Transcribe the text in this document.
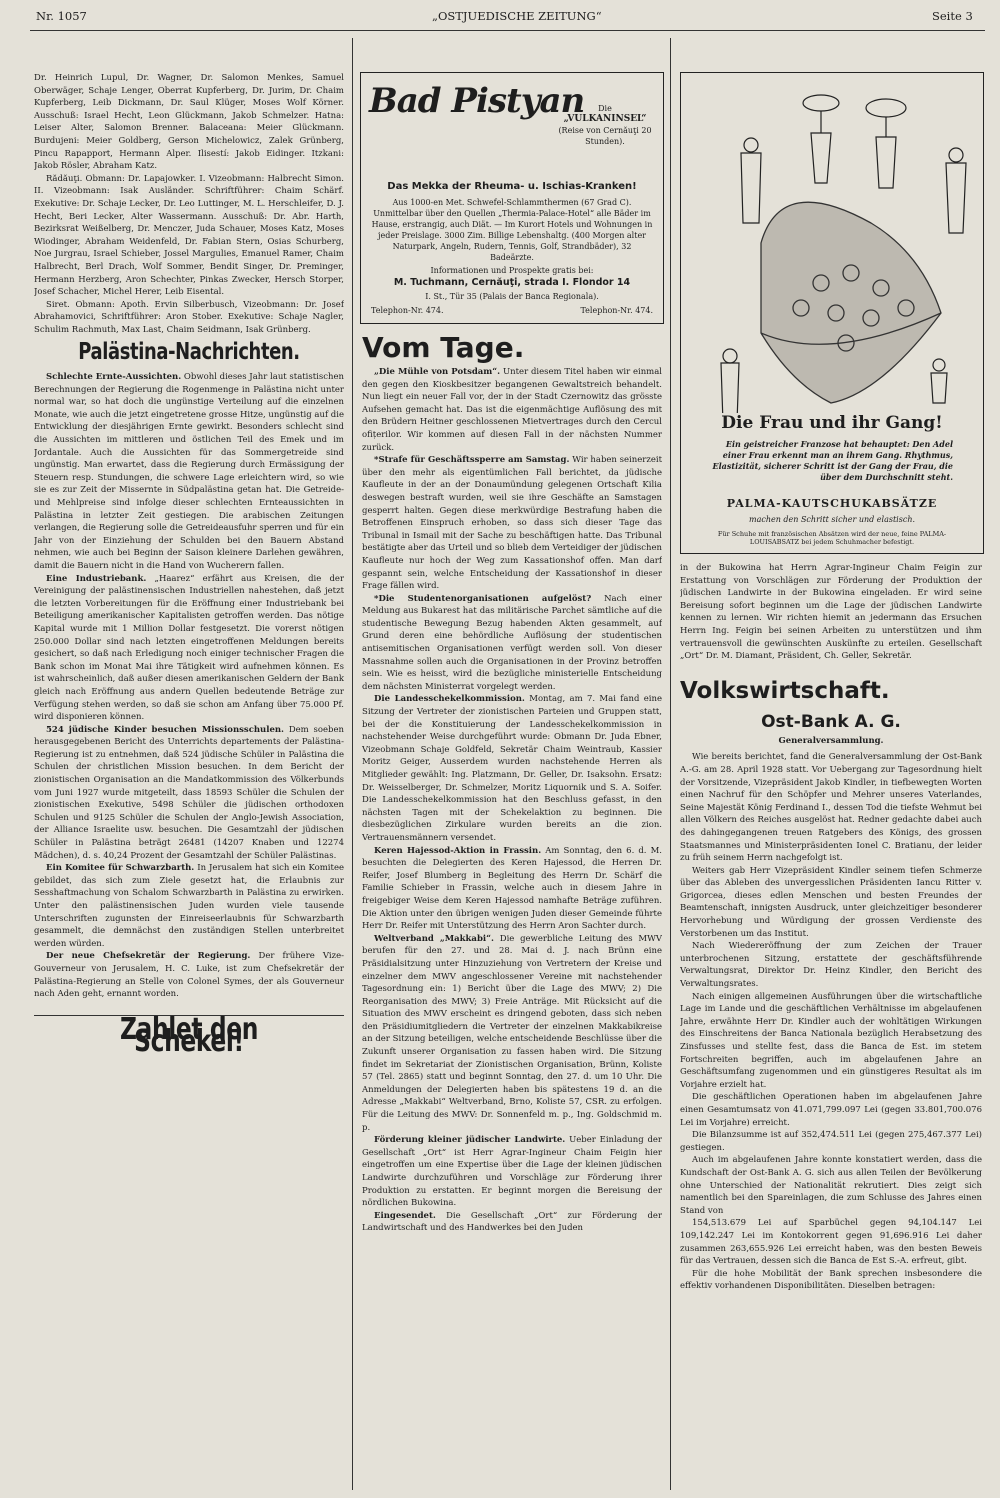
Nr. 1057	„OSTJUEDISCHE ZEITUNG“	Seite 3

Dr. Heinrich Lupul, Dr. Wagner, Dr. Salomon Menkes, Samuel Oberwäger, Schaje Lenger, Oberrat Kupferberg, Dr. Jurim, Dr. Chaim Kupferberg, Leib Dickmann, Dr. Saul Klüger, Moses Wolf Körner. Ausschuß: Israel Hecht, Leon Glückmann, Jakob Schmelzer. Hatna: Leiser Alter, Salomon Brenner. Balaceana: Meier Glückmann. Burdujeni: Meier Goldberg, Gerson Michelowicz, Zalek Grünberg, Pincu Rapapport, Hermann Alper. Ilisestí: Jakob Eidinger. Itzkani: Jakob Rösler, Abraham Katz.

Rădăuţi. Obmann: Dr. Lapajowker. I. Vizeobmann: Halbrecht Simon. II. Vizeobmann: Isak Ausländer. Schriftführer: Chaim Schärf. Exekutive: Dr. Schaje Lecker, Dr. Leo Luttinger, M. L. Herschleifer, D. J. Hecht, Beri Lecker, Alter Wassermann. Ausschuß: Dr. Abr. Harth, Bezirksrat Weißelberg, Dr. Menczer, Juda Schauer, Moses Katz, Moses Wiodinger, Abraham Weidenfeld, Dr. Fabian Stern, Osias Schurberg, Noe Jurgrau, Israel Schieber, Jossel Margulies, Emanuel Ramer, Chaim Halbrecht, Berl Drach, Wolf Sommer, Bendit Singer, Dr. Preminger, Hermann Herzberg, Aron Schechter, Pinkas Zwecker, Hersch Storper, Josef Schacher, Michel Herer, Leib Eisental.

Siret. Obmann: Apoth. Ervin Silberbusch, Vizeobmann: Dr. Josef Abrahamovici, Schriftführer: Aron Stober. Exekutive: Schaje Nagler, Schulim Rachmuth, Max Last, Chaim Seidmann, Isak Grünberg.

Palästina-Nachrichten.

Schlechte Ernte-Aussichten. Obwohl dieses Jahr laut statistischen Berechnungen der Regierung die Rogenmenge in Palästina nicht unter normal war, so hat doch die ungünstige Verteilung auf die einzelnen Monate, wie auch die jetzt eingetretene grosse Hitze, ungünstig auf die Entwicklung der diesjährigen Ernte gewirkt. Besonders schlecht sind die Aussichten im mittleren und östlichen Teil des Emek und im Jordantale. Auch die Aussichten für das Sommergetreide sind ungünstig. Man erwartet, dass die Regierung durch Ermässigung der Steuern resp. Stundungen, die schwere Lage erleichtern wird, so wie sie es zur Zeit der Missernte in Südpalästina getan hat. Die Getreide- und Mehlpreise sind infolge dieser schlechten Ernteaussichten in Palästina in letzter Zeit gestiegen. Die arabischen Zeitungen verlangen, die Regierung solle die Getreideausfuhr sperren und für ein Jahr von der Einziehung der Schulden bei den Bauern Abstand nehmen, wie auch bei Beginn der Saison kleinere Darlehen gewähren, damit die Bauern nicht in die Hand von Wucherern fallen.

Eine Industriebank. „Haarez“ erfährt aus Kreisen, die der Vereinigung der palästinensischen Industriellen nahestehen, daß jetzt die letzten Vorbereitungen für die Eröffnung einer Industriebank bei Beteiligung amerikanischer Kapitalisten getroffen werden. Das nötige Kapital wurde mit 1 Million Dollar festgesetzt. Die vorerst nötigen 250.000 Dollar sind nach letzten eingetroffenen Meldungen bereits gesichert, so daß nach Erledigung noch einiger technischer Fragen die Bank schon im Monat Mai ihre Tätigkeit wird aufnehmen können. Es ist wahrscheinlich, daß außer diesen amerikanischen Geldern der Bank gleich nach Eröffnung aus andern Quellen bedeutende Beträge zur Verfügung stehen werden, so daß sie schon am Anfang über 75.000 Pf. wird disponieren können.

524 jüdische Kinder besuchen Missionsschulen. Dem soeben herausgegebenen Bericht des Unterrichts departements der Palästina-Regierung ist zu entnehmen, daß 524 jüdische Schüler in Palästina die Schulen der christlichen Mission besuchen. In dem Bericht der zionistischen Organisation an die Mandatkommission des Völkerbunds vom Juni 1927 wurde mitgeteilt, dass 18593 Schüler die Schulen der zionistischen Exekutive, 5498 Schüler die jüdischen orthodoxen Schulen und 9125 Schüler die Schulen der Anglo-Jewish Association, der Alliance Israelite usw. besuchen. Die Gesamtzahl der jüdischen Schüler in Palästina beträgt 26481 (14207 Knaben und 12274 Mädchen), d. s. 40,24 Prozent der Gesamtzahl der Schüler Palästinas.

Ein Komitee für Schwarzbarth. In Jerusalem hat sich ein Komitee gebildet, das sich zum Ziele gesetzt hat, die Erlaubnis zur Sesshaftmachung von Schalom Schwarzbarth in Palästina zu erwirken. Unter den palästinensischen Juden wurden viele tausende Unterschriften zugunsten der Einreiseerlaubnis für Schwarzbarth gesammelt, die demnächst den zuständigen Stellen unterbreitet werden würden.

Der neue Chefsekretär der Regierung. Der frühere Vize-Gouverneur von Jerusalem, H. C. Luke, ist zum Chefsekretär der Palästina-Regierung an Stelle von Colonel Symes, der als Gouverneur nach Aden geht, ernannt worden.

Zahlet den Schekel!
Bad Pistyan	Die
„VULKANINSEL“
(Reise von Cernăuţi 20 Stunden).
Das Mekka der Rheuma- u. Ischias-Kranken!
Aus 1000-en Met. Schwefel-Schlammthermen (67 Grad C). Unmittelbar über den Quellen „Thermia-Palace-Hotel“ alle Bäder im Hause, erstrangig, auch Diät. — Im Kurort Hotels und Wohnungen in jeder Preislage. 3000 Zim. Billige Lebenshaltg. (400 Morgen alter Naturpark, Angeln, Rudern, Tennis, Golf, Strandbäder), 32 Badeärzte.
Informationen und Prospekte gratis bei:
M. Tuchmann, Cernăuţi, strada I. Flondor 14
I. St., Tür 35 (Palais der Banca Regionala).
Telephon-Nr. 474.	Telephon-Nr. 474.
Vom Tage.

„Die Mühle von Potsdam“. Unter diesem Titel haben wir einmal den gegen den Kioskbesitzer begangenen Gewaltstreich behandelt. Nun liegt ein neuer Fall vor, der in der Stadt Czernowitz das grösste Aufsehen gemacht hat. Das ist die eigenmächtige Auflösung des mit den Brüdern Heitner geschlossenen Mietvertrages durch den Cercul ofițerilor. Wir kommen auf diesen Fall in der nächsten Nummer zurück.

*Strafe für Geschäftssperre am Samstag. Wir haben seinerzeit über den mehr als eigentümlichen Fall berichtet, da jüdische Kaufleute in der an der Donaumündung gelegenen Ortschaft Kilia deswegen bestraft wurden, weil sie ihre Geschäfte an Samstagen gesperrt halten. Gegen diese merkwürdige Bestrafung haben die Betroffenen Einspruch erhoben, so dass sich dieser Tage das Tribunal in Ismail mit der Sache zu beschäftigen hatte. Das Tribunal bestätigte aber das Urteil und so blieb dem Verteidiger der jüdischen Kaufleute nur hoch der Weg zum Kassationshof offen. Man darf gespannt sein, welche Entscheidung der Kassationshof in dieser Frage fällen wird.

*Die Studentenorganisationen aufgelöst? Nach einer Meldung aus Bukarest hat das militärische Parchet sämtliche auf die studentische Bewegung Bezug habenden Akten gesammelt, auf Grund deren eine behördliche Auflösung der studentischen antisemitischen Organisationen verfügt werden soll. Von dieser Massnahme sollen auch die Organisationen in der Provinz betroffen sein. Wie es heisst, wird die bezügliche ministerielle Entscheidung dem nächsten Ministerrat vorgelegt werden.

Die Landesschekelkommission. Montag, am 7. Mai fand eine Sitzung der Vertreter der zionistischen Parteien und Gruppen statt, bei der die Konstituierung der Landesschekelkommission in nachstehender Weise durchgeführt wurde: Obmann Dr. Juda Ebner, Vizeobmann Schaje Goldfeld, Sekretär Chaim Weintraub, Kassier Moritz Geiger, Ausserdem wurden nachstehende Herren als Mitglieder gewählt: Ing. Platzmann, Dr. Geller, Dr. Isaksohn. Ersatz: Dr. Weisselberger, Dr. Schmelzer, Moritz Liquornik und S. A. Soifer. Die Landesschekelkommission hat den Beschluss gefasst, in den nächsten Tagen mit der Schekelaktion zu beginnen. Die diesbezüglichen Zirkulare wurden bereits an die zion. Vertrauensmännern versendet.

Keren Hajessod-Aktion in Frassin. Am Sonntag, den 6. d. M. besuchten die Delegierten des Keren Hajessod, die Herren Dr. Reifer, Josef Blumberg in Begleitung des Herrn Dr. Schärf die Familie Schieber in Frassin, welche auch in diesem Jahre in freigebiger Weise dem Keren Hajessod namhafte Beträge zuführen. Die Aktion unter den übrigen wenigen Juden dieser Gemeinde führte Herr Dr. Reifer mit Unterstützung des Herrn Aron Sachter durch.

Weltverband „Makkabi“. Die gewerbliche Leitung des MWV berufen für den 27. und 28. Mai d. J. nach Brünn eine Präsidialsitzung unter Hinzuziehung von Vertretern der Kreise und einzelner dem MWV angeschlossener Vereine mit nachstehender Tagesordnung ein: 1) Bericht über die Lage des MWV; 2) Die Reorganisation des MWV; 3) Freie Anträge. Mit Rücksicht auf die Situation des MWV erscheint es dringend geboten, dass sich neben den Präsidiumitgliedern die Vertreter der einzelnen Makkabikreise an der Sitzung beteiligen, welche entscheidende Beschlüsse über die Zukunft unserer Organisation zu fassen haben wird. Die Sitzung findet im Sekretariat der Zionistischen Organisation, Brünn, Koliste 57 (Tel. 2865) statt und beginnt Sonntag, den 27. d. um 10 Uhr. Die Anmeldungen der Delegierten haben bis spätestens 19 d. an die Adresse „Makkabi“ Weltverband, Brno, Koliste 57, CSR. zu erfolgen. Für die Leitung des MWV: Dr. Sonnenfeld m. p., Ing. Goldschmid m. p.

Förderung kleiner jüdischer Landwirte. Ueber Einladung der Gesellschaft „Ort“ ist Herr Agrar-Ingineur Chaim Feigin hier eingetroffen um eine Expertise über die Lage der kleinen jüdischen Landwirte durchzuführen und Vorschläge zur Förderung ihrer Produktion zu erstatten. Er beginnt morgen die Bereisung der nördlichen Bukowina.

Eingesendet. Die Gesellschaft „Ort“ zur Förderung der Landwirtschaft und des Handwerkes bei den Juden

Die Frau und ihr Gang!
Ein geistreicher Franzose hat behauptet: Den Adel einer Frau erkennt man an ihrem Gang. Rhythmus, Elastizität, sicherer Schritt ist der Gang der Frau, die über dem Durchschnitt steht.
PALMA-KAUTSCHUKABSÄTZE
machen den Schritt sicher und elastisch.
Für Schuhe mit französischen Absätzen wird der neue, feine PALMA-LOUISABSATZ bei jedem Schuhmacher befestigt.

in der Bukowina hat Herrn Agrar-Ingineur Chaim Feigin zur Erstattung von Vorschlägen zur Förderung der Produktion der jüdischen Landwirte in der Bukowina eingeladen. Er wird seine Bereisung sofort beginnen um die Lage der jüdischen Landwirte kennen zu lernen. Wir richten hiemit an jedermann das Ersuchen Herrn Ing. Feigin bei seinen Arbeiten zu unterstützen und ihm vertrauensvoll die gewünschten Auskünfte zu erteilen. Gesellschaft „Ort“ Dr. M. Diamant, Präsident, Ch. Geller, Sekretär.

Volkswirtschaft.
Ost-Bank A. G.
Generalversammlung.

Wie bereits berichtet, fand die Generalversammlung der Ost-Bank A.-G. am 28. April 1928 statt. Vor Uebergang zur Tagesordnung hielt der Vorsitzende, Vizepräsident Jakob Kindler, in tiefbewegten Worten einen Nachruf für den Schöpfer und Mehrer unseres Vaterlandes, Seine Majestät König Ferdinand I., dessen Tod die tiefste Wehmut bei allen Völkern des Reiches ausgelöst hat. Redner gedachte dabei auch des dahingegangenen treuen Ratgebers des Königs, des grossen Staatsmannes und Ministerpräsidenten Ionel C. Bratianu, der leider zu früh seinem Herrn nachgefolgt ist.

Weiters gab Herr Vizepräsident Kindler seinem tiefen Schmerze über das Ableben des unvergesslichen Präsidenten Iancu Ritter v. Grigorcea, dieses edlen Menschen und besten Freundes der Beamtenschaft, innigsten Ausdruck, unter gleichzeitiger besonderer Hervorhebung und Würdigung der grossen Verdienste des Verstorbenen um das Institut.

Nach Wiedereröffnung der zum Zeichen der Trauer unterbrochenen Sitzung, erstattete der geschäftsführende Verwaltungsrat, Direktor Dr. Heinz Kindler, den Bericht des Verwaltungsrates.

Nach einigen allgemeinen Ausführungen über die wirtschaftliche Lage im Lande und die geschäftlichen Verhältnisse im abgelaufenen Jahre, erwähnte Herr Dr. Kindler auch der wohltätigen Wirkungen des Einschreitens der Banca Nationala bezüglich Herabsetzung des Zinsfusses und stellte fest, dass die Banca de Est. im stetem Fortschreiten begriffen, auch im abgelaufenen Jahre an Geschäftsumfang zugenommen und ein günstigeres Resultat als im Vorjahre erzielt hat.

Die geschäftlichen Operationen haben im abgelaufenen Jahre einen Gesamtumsatz von 41.071,799.097 Lei (gegen 33.801,700.076 Lei im Vorjahre) erreicht.

Die Bilanzsumme ist auf 352,474.511 Lei (gegen 275,467.377 Lei) gestiegen.

Auch im abgelaufenen Jahre konnte konstatiert werden, dass die Kundschaft der Ost-Bank A. G. sich aus allen Teilen der Bevölkerung ohne Unterschied der Nationalität rekrutiert. Dies zeigt sich namentlich bei den Spareinlagen, die zum Schlusse des Jahres einen Stand von

154,513.679 Lei auf Sparbüchel gegen 94,104.147 Lei 109,142.247 Lei im Kontokorrent gegen 91,696.916 Lei daher zusammen 263,655.926 Lei erreicht haben, was den besten Beweis für das Vertrauen, dessen sich die Banca de Est S.-A. erfreut, gibt.

Für die hohe Mobilität der Bank sprechen insbesondere die effektiv vorhandenen Disponibilitäten. Dieselben betragen:
